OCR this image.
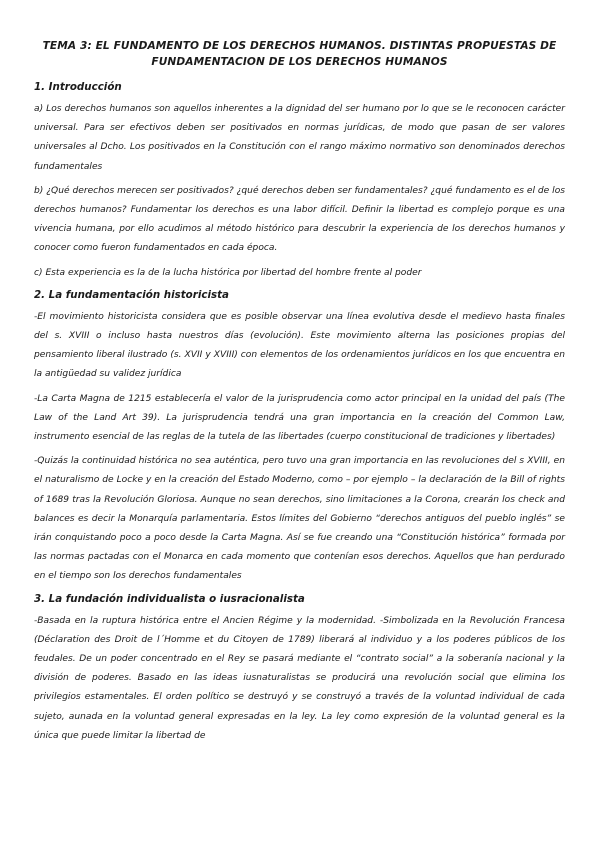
TEMA 3: EL FUNDAMENTO DE LOS DERECHOS HUMANOS. DISTINTAS PROPUESTAS DE FUNDAMENTACION DE LOS DERECHOS HUMANOS
1. Introducción
a) Los derechos humanos son aquellos inherentes a la dignidad del ser humano por lo que se le reconocen carácter universal. Para ser efectivos deben ser positivados en normas jurídicas, de modo que pasan de ser valores universales al Dcho. Los positivados en la Constitución con el rango máximo normativo son denominados derechos fundamentales
b) ¿Qué derechos merecen ser positivados? ¿qué derechos deben ser fundamentales? ¿qué fundamento es el de los derechos humanos? Fundamentar los derechos es una labor difícil. Definir la libertad es complejo porque es una vivencia humana, por ello acudimos al método histórico para descubrir la experiencia de los derechos humanos y conocer como fueron fundamentados en cada época.
c) Esta experiencia es la de la lucha histórica por libertad del hombre frente al poder
2. La fundamentación historicista
-El movimiento historicista considera que es posible observar una línea evolutiva desde el medievo hasta finales del s. XVIII o incluso hasta nuestros días (evolución). Este movimiento alterna las posiciones propias del pensamiento liberal ilustrado (s. XVII y XVIII) con elementos de los ordenamientos jurídicos en los que encuentra en la antigüedad su validez jurídica
-La Carta Magna de 1215 establecería el valor de la jurisprudencia como actor principal en la unidad del país (The Law of the Land Art 39). La jurisprudencia tendrá una gran importancia en la creación del Common Law, instrumento esencial de las reglas de la tutela de las libertades (cuerpo constitucional de tradiciones y libertades)
-Quizás la continuidad histórica no sea auténtica, pero tuvo una gran importancia en las revoluciones del s XVIII, en el naturalismo de Locke y en la creación del Estado Moderno, como – por ejemplo – la declaración de la Bill of rights of 1689 tras la Revolución Gloriosa. Aunque no sean derechos, sino limitaciones a la Corona, crearán los check and balances es decir la Monarquía parlamentaria. Estos límites del Gobierno “derechos antiguos del pueblo inglés” se irán conquistando poco a poco desde la Carta Magna. Así se fue creando una “Constitución histórica” formada por las normas pactadas con el Monarca en cada momento que contenían esos derechos. Aquellos que han perdurado en el tiempo son los derechos fundamentales
3. La fundación individualista o iusracionalista
-Basada en la ruptura histórica entre el Ancien Régime y la modernidad. -Simbolizada en la Revolución Francesa (Déclaration des Droit de l´Homme et du Citoyen de 1789) liberará al individuo y a los poderes públicos de los feudales. De un poder concentrado en el Rey se pasará mediante el “contrato social” a la soberanía nacional y la división de poderes. Basado en las ideas iusnaturalistas se producirá una revolución social que elimina los privilegios estamentales. El orden político se destruyó y se construyó a través de la voluntad individual de cada sujeto, aunada en la voluntad general expresadas en la ley. La ley como expresión de la voluntad general es la única que puede limitar la libertad de
